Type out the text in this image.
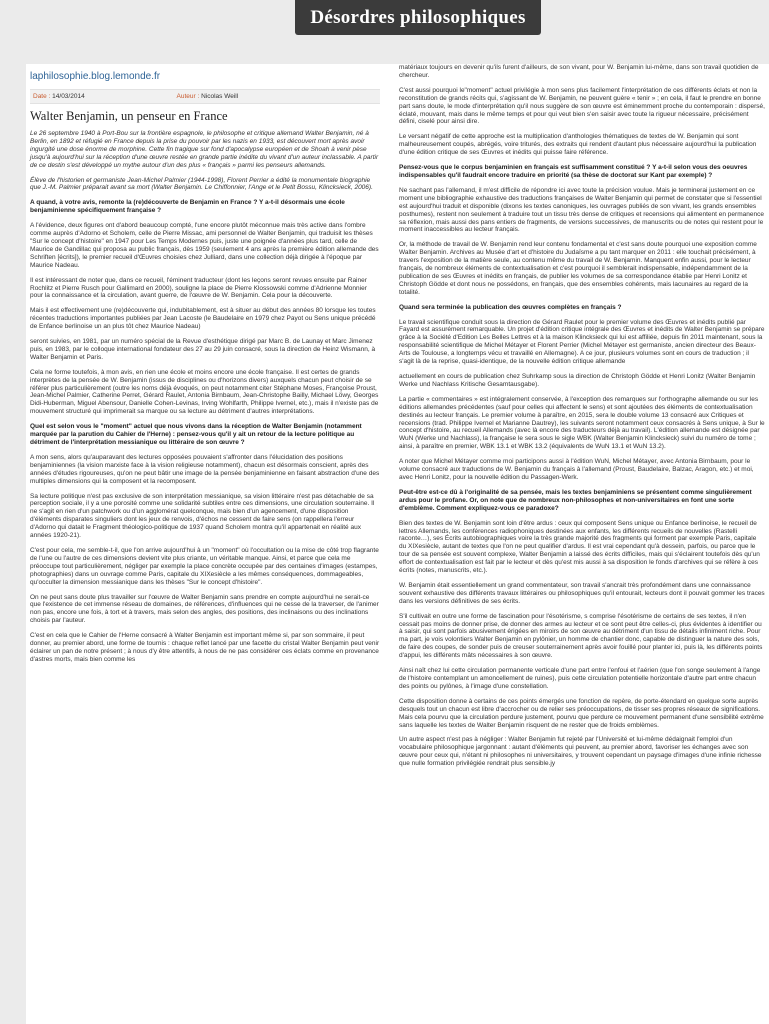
Désordres philosophiques
laphilosophie.blog.lemonde.fr
Date : 14/03/2014	Auteur : Nicolas Weill
Walter Benjamin, un penseur en France

Le 26 septembre 1940 à Port-Bou sur la frontière espagnole, le philosophe et critique allemand Walter Benjamin, né à Berlin, en 1892 et réfugié en France depuis la prise du pouvoir par les nazis en 1933, est découvert mort après avoir ingurgité une dose énorme de morphine. Cette fin tragique sur fond d'apocalypse européen et de Shoah à venir pèse jusqu'à aujourd'hui sur la réception d'une œuvre restée en grande partie inédite du vivant d'un auteur inclassable. A partir de ce destin s'est développé un mythe autour d'un des plus « français » parmi les penseurs allemands.

Élève de l'historien et germaniste Jean-Michel Palmier (1944-1998), Florent Perrier a édité la monumentale biographie que J.-M. Palmier préparait avant sa mort (Walter Benjamin. Le Chiffonnier, l'Ange et le Petit Bossu, Klincksieck, 2006).

A quand, à votre avis, remonte la (re)découverte de Benjamin en France ? Y a-t-il désormais une école benjaminienne spécifiquement française ?

A l'évidence, deux figures ont d'abord beaucoup compté, l'une encore plutôt méconnue mais très active dans l'ombre comme auprès d'Adorno et Scholem, celle de Pierre Missac, ami personnel de Walter Benjamin, qui traduisit les thèses "Sur le concept d'histoire" en 1947 pour Les Temps Modernes puis, juste une poignée d'années plus tard, celle de Maurice de Gandillac qui proposa au public français, dès 1959 (seulement 4 ans après la première édition allemande des Schriften [écrits]), le premier recueil d'Œuvres choisies chez Julliard, dans une collection déjà dirigée à l'époque par Maurice Nadeau.

Il est intéressant de noter que, dans ce recueil, l'éminent traducteur (dont les leçons seront revues ensuite par Rainer Rochlitz et Pierre Rusch pour Gallimard en 2000), souligne la place de Pierre Klossowski comme d'Adrienne Monnier pour la connaissance et la circulation, avant guerre, de l'œuvre de W. Benjamin. Cela pour la découverte.

Mais il est effectivement une (re)découverte qui, indubitablement, est à situer au début des années 80 lorsque les toutes récentes traductions importantes publiées par Jean Lacoste (le Baudelaire en 1979 chez Payot ou Sens unique précédé de Enfance berlinoise un an plus tôt chez Maurice Nadeau)

seront suivies, en 1981, par un numéro spécial de la Revue d'esthétique dirigé par Marc B. de Launay et Marc Jimenez puis, en 1983, par le colloque international fondateur des 27 au 29 juin consacré, sous la direction de Heinz Wismann, à Walter Benjamin et Paris.

Cela ne forme toutefois, à mon avis, en rien une école et moins encore une école française. Il est certes de grands interprètes de la pensée de W. Benjamin (issus de disciplines ou d'horizons divers) auxquels chacun peut choisir de se référer plus particulièrement (outre les noms déjà évoqués, on peut notamment citer Stéphane Moses, Françoise Proust, Jean-Michel Palmier, Catherine Perret, Gérard Raulet, Antonia Birnbaum, Jean-Christophe Bailly, Michael Löwy, Georges Didi-Huberman, Miguel Abensour, Danielle Cohen-Levinas, Irving Wohlfarth, Philippe Ivernel, etc.), mais il n'existe pas de mouvement structuré qui imprimerait sa marque ou sa lecture au détriment d'autres interprétations.

Quel est selon vous le "moment" actuel que nous vivons dans la réception de Walter Benjamin (notamment marquée par la parution du Cahier de l'Herne) : pensez-vous qu'il y ait un retour de la lecture politique au détriment de l'interprétation messianique ou littéraire de son œuvre ?

A mon sens, alors qu'auparavant des lectures opposées pouvaient s'affronter dans l'élucidation des positions benjaminiennes (la vision marxiste face à la vision religieuse notamment), chacun est désormais conscient, après des années d'études rigoureuses, qu'on ne peut bâtir une image de la pensée benjaminienne en faisant abstraction d'une des multiples dimensions qui la composent et la recomposent.

Sa lecture politique n'est pas exclusive de son interprétation messianique, sa vision littéraire n'est pas détachable de sa perception sociale, il y a une porosité comme une solidarité subtiles entre ces dimensions, une circulation souterraine. Il ne s'agit en rien d'un patchwork ou d'un agglomérat quelconque, mais bien d'un agencement, d'une disposition d'éléments disparates singuliers dont les jeux de renvois, d'échos ne cessent de faire sens (on rappellera l'erreur d'Adorno qui datait le Fragment théologico-politique de 1937 quand Scholem montra qu'il appartenait en réalité aux années 1920-21).

C'est pour cela, me semble-t-il, que l'on arrive aujourd'hui à un "moment" où l'occultation ou la mise de côté trop flagrante de l'une ou l'autre de ces dimensions devient vite plus criante, un véritable manque. Ainsi, et parce que cela me préoccupe tout particulièrement, négliger par exemple la place concrète occupée par des centaines d'images (estampes, photographies) dans un ouvrage comme Paris, capitale du XIXesiècle a les mêmes conséquences, dommageables, qu'occulter la dimension messianique dans les thèses "Sur le concept d'histoire".

On ne peut sans doute plus travailler sur l'œuvre de Walter Benjamin sans prendre en compte aujourd'hui ne serait-ce que l'existence de cet immense réseau de domaines, de références, d'influences qui ne cesse de la traverser, de l'animer non pas, encore une fois, à tort et à travers, mais selon des angles, des positions, des inclinaisons ou des inclinations choisis par l'auteur.

C'est en cela que le Cahier de l'Herne consacré à Walter Benjamin est important même si, par son sommaire, il peut donner, au premier abord, une forme de tournis : chaque reflet lancé par une facette du cristal Walter Benjamin peut venir éclairer un pan de notre présent ; à nous d'y être attentifs, à nous de ne pas considérer ces éclats comme en provenance d'astres morts, mais bien comme les

matériaux toujours en devenir qu'ils furent d'ailleurs, de son vivant, pour W. Benjamin lui-même, dans son travail quotidien de chercheur.

C'est aussi pourquoi le"moment" actuel privilégie à mon sens plus facilement l'interprétation de ces différents éclats et non la reconstitution de grands récits qui, s'agissant de W. Benjamin, ne peuvent guère « tenir » ; en cela, il faut le prendre en bonne part sans doute, le mode d'interprétation qu'il nous suggère de son œuvre est éminemment proche du contemporain : dispersé, éclaté, mouvant, mais dans le même temps et pour qui veut bien s'en saisir avec toute la rigueur nécessaire, précisément défini, ciselé pour ainsi dire.

Le versant négatif de cette approche est la multiplication d'anthologies thématiques de textes de W. Benjamin qui sont malheureusement coupés, abrégés, voire triturés, des extraits qui rendent d'autant plus nécessaire aujourd'hui la publication d'une édition critique de ses Œuvres et inédits qui puisse faire référence.

Pensez-vous que le corpus benjaminien en français est suffisamment constitué ? Y a-t-il selon vous des oeuvres indispensables qu'il faudrait encore traduire en priorité (sa thèse de doctorat sur Kant par exemple) ?

Ne sachant pas l'allemand, il m'est difficile de répondre ici avec toute la précision voulue. Mais je terminerai justement en ce moment une bibliographie exhaustive des traductions françaises de Walter Benjamin qui permet de constater que si l'essentiel est aujourd'hui traduit et disponible (dixons les textes canoniques, les ouvrages publiés de son vivant, les grands ensembles posthumes), restent non seulement à traduire tout un tissu très dense de critiques et recensions qui alimentent en permanence sa réflexion, mais aussi des pans entiers de fragments, de versions successives, de manuscrits ou de notes qui restent pour le moment inaccessibles au lecteur français.

Or, la méthode de travail de W. Benjamin rend leur contenu fondamental et c'est sans doute pourquoi une exposition comme Walter Benjamin. Archives au Musée d'art et d'histoire du Judaïsme a pu tant marquer en 2011 : elle touchait précisément, à travers l'exposition de la matière seule, au contenu même du travail de W. Benjamin. Manquent enfin aussi, pour le lecteur français, de nombreux éléments de contextualisation et c'est pourquoi il semblerait indispensable, indépendamment de la publication de ses Œuvres et inédits en français, de publier les volumes de sa correspondance établie par Henri Lonitz et Christoph Gödde et dont nous ne possédons, en français, que des ensembles cohérents, mais lacunaires au regard de la totalité.

Quand sera terminée la publication des œuvres complètes en français ?

Le travail scientifique conduit sous la direction de Gérard Raulet pour le premier volume des Œuvres et inédits publié par Fayard est assurément remarquable. Un projet d'édition critique intégrale des Œuvres et inédits de Walter Benjamin se prépare grâce à la Société d'Edition Les Belles Lettres et à la maison Klincksieck qui lui est affiliée, depuis fin 2011 maintenant, sous la responsabilité scientifique de Michel Métayer et Florent Perrier (Michel Métayer est germaniste, ancien directeur des Beaux-Arts de Toulouse, a longtemps vécu et travaillé en Allemagne). A ce jour, plusieurs volumes sont en cours de traduction ; il s'agit là de la reprise, quasi-identique, de la nouvelle édition critique allemande

actuellement en cours de publication chez Suhrkamp sous la direction de Christoph Gödde et Henri Lonitz (Walter Benjamin Werke und Nachlass Kritische Gesamtausgabe).

La partie « commentaires » est intégralement conservée, à l'exception des remarques sur l'orthographe allemande ou sur les éditions allemandes précédentes (sauf pour celles qui affectent le sens) et sont ajoutées des éléments de contextualisation destinés au lecteur français. Le premier volume à paraître, en 2015, sera le double volume 13 consacré aux Critiques et recensions (trad. Philippe Ivernel et Marianne Dautrey), les suivants seront notamment ceux consacrés à Sens unique, à Sur le concept d'histoire, au recueil Allemands (avec là encore des traducteurs déjà au travail). L'édition allemande est désignée par WuN (Werke und Nachlass), la française le sera sous le sigle WBK (Walter Benjamin Klincksieck) suivi du numéro de tome ; ainsi, à paraître en premier, WBK 13.1 et WBK 13.2 (équivalents de WuN 13.1 et WuN 13.2).

A noter que Michel Métayer comme moi participons aussi à l'édition WuN, Michel Métayer, avec Antonia Birnbaum, pour le volume consacré aux traductions de W. Benjamin du français à l'allemand (Proust, Baudelaire, Balzac, Aragon, etc.) et moi, avec Henri Lonitz, pour la nouvelle édition du Passagen-Werk.

Peut-être est-ce dû à l'originalité de sa pensée, mais les textes benjaminiens se présentent comme singulièrement ardus pour le profane. Or, on note que de nombreux non-philosophes et non-universitaires en font une sorte d'emblème. Comment expliquez-vous ce paradoxe?

Bien des textes de W. Benjamin sont loin d'être ardus : ceux qui composent Sens unique ou Enfance berlinoise, le recueil de lettres Allemands, les conférences radiophoniques destinées aux enfants, les différents recueils de nouvelles (Rastelli raconte…), ses Écrits autobiographiques voire la très grande majorité des fragments qui forment par exemple Paris, capitale du XIXesiècle, autant de textes que l'on ne peut qualifier d'ardus. Il est vrai cependant qu'à dessein, parfois, ou parce que le tour de sa pensée est souvent complexe, Walter Benjamin a laissé des écrits difficiles, mais qui s'éclairent toutefois dès qu'un effort de contextualisation est fait par le lecteur et dès qu'est mis aussi à sa disposition le fonds d'archives qui se réfère à ces écrits (notes, manuscrits, etc.).

W. Benjamin était essentiellement un grand commentateur, son travail s'ancrait très profondément dans une connaissance souvent exhaustive des différents travaux littéraires ou philosophiques qu'il entourait, lecteurs dont il pouvait gommer les traces dans les versions définitives de ses écrits.

S'il cultivait en outre une forme de fascination pour l'ésotérisme, s comprise l'ésotérisme de certains de ses textes, il n'en cessait pas moins de donner prise, de donner des armes au lecteur et ce sont peut être celles-ci, plus évidentes à identifier ou à saisir, qui sont parfois abusivement érigées en miroirs de son œuvre au détriment d'un tissu de détails infiniment riche. Pour ma part, je vois volontiers Walter Benjamin en pylônier, un homme de chantier donc, capable de distinguer la nature des sols, de faire des coupes, de sonder puis de creuser souterrainement après avoir fouillé pour planter ici, puis là, les différents points d'appui, les différents mâts nécessaires à son œuvre.

Ainsi naît chez lui cette circulation permanente verticale d'une part entre l'enfoui et l'aérien (que l'on songe seulement à l'ange de l'histoire contemplant un amoncellement de ruines), puis cette circulation potentielle horizontale d'autre part entre chacun des points ou pylônes, à l'image d'une constellation.

Cette disposition donne à certains de ces points émergés une fonction de repère, de porte-étendard en quelque sorte auprès desquels tout un chacun est libre d'accrocher ou de relier ses préoccupations, de tisser ses propres réseaux de significations. Mais cela pourvu que la circulation perdure justement, pourvu que perdure ce mouvement permanent d'une sensibilité extrême sans laquelle les textes de Walter Benjamin risquent de ne rester que de froids emblèmes.

Un autre aspect n'est pas à négliger : Walter Benjamin fut rejeté par l'Université et lui-même dédaignait l'emploi d'un vocabulaire philosophique jargonnant : autant d'éléments qui peuvent, au premier abord, favoriser les échanges avec son œuvre pour ceux qui, n'étant ni philosophes ni universitaires, y trouvent cependant un paysage d'images d'une infinie richesse que nulle formation privilégiée rendrait plus sensible.jy
